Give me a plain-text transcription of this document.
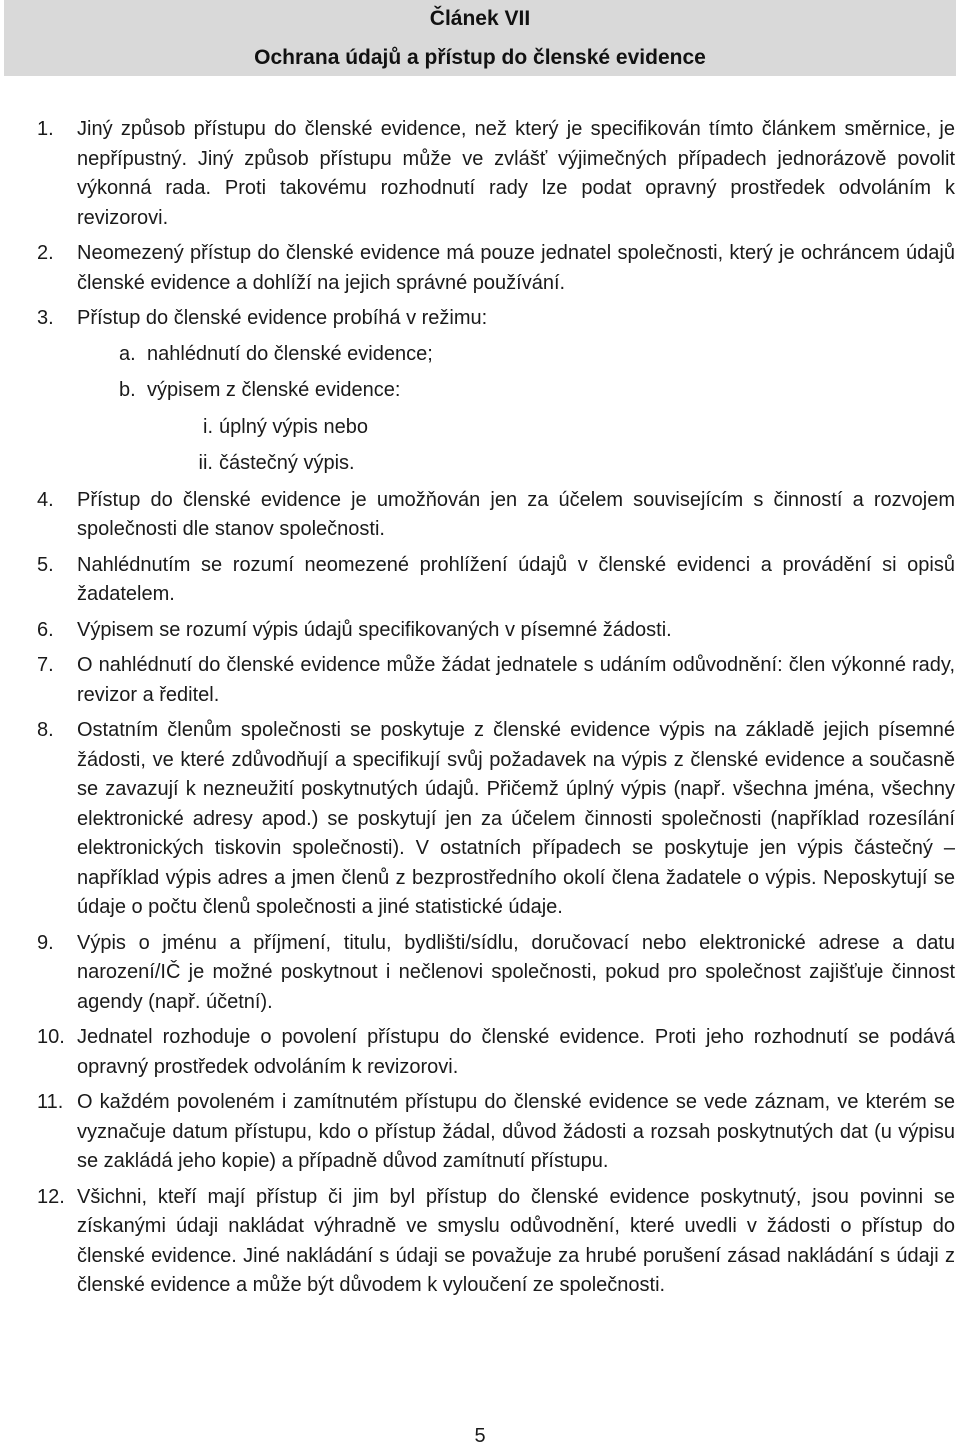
Článek VII
Ochrana údajů a přístup do členské evidence
1.	Jiný způsob přístupu do členské evidence, než který je specifikován tímto článkem směrnice, je nepřípustný. Jiný způsob přístupu může ve zvlášť výjimečných případech jednorázově povolit výkonná rada. Proti takovému rozhodnutí rady lze podat opravný prostředek odvoláním k revizorovi.
2.	Neomezený přístup do členské evidence má pouze jednatel společnosti, který je ochráncem údajů členské evidence a dohlíží na jejich správné používání.
3.	Přístup do členské evidence probíhá v režimu:
a. nahlédnutí do členské evidence;
b. výpisem z členské evidence:
i. úplný výpis nebo
ii. částečný výpis.
4.	Přístup do členské evidence je umožňován jen za účelem souvisejícím s činností a rozvojem společnosti dle stanov společnosti.
5.	Nahlédnutím se rozumí neomezené prohlížení údajů v členské evidenci a provádění si opisů žadatelem.
6.	Výpisem se rozumí výpis údajů specifikovaných v písemné žádosti.
7.	O nahlédnutí do členské evidence může žádat jednatele s udáním odůvodnění: člen výkonné rady, revizor a ředitel.
8.	Ostatním členům společnosti se poskytuje z členské evidence výpis na základě jejich písemné žádosti, ve které zdůvodňují a specifikují svůj požadavek na výpis z členské evidence a současně se zavazují k nezneužití poskytnutých údajů. Přičemž úplný výpis (např. všechna jména, všechny elektronické adresy apod.) se poskytují jen za účelem činnosti společnosti (například rozesílání elektronických tiskovin společnosti). V ostatních případech se poskytuje jen výpis částečný – například výpis adres a jmen členů z bezprostředního okolí člena žadatele o výpis. Neposkytují se údaje o počtu členů společnosti a jiné statistické údaje.
9.	Výpis o jménu a příjmení, titulu, bydlišti/sídlu, doručovací nebo elektronické adrese a datu narození/IČ je možné poskytnout i nečlenovi společnosti, pokud pro společnost zajišťuje činnost agendy (např. účetní).
10. Jednatel rozhoduje o povolení přístupu do členské evidence. Proti jeho rozhodnutí se podává opravný prostředek odvoláním k revizorovi.
11. O každém povoleném i zamítnutém přístupu do členské evidence se vede záznam, ve kterém se vyznačuje datum přístupu, kdo o přístup žádal, důvod žádosti a rozsah poskytnutých dat (u výpisu se zakládá jeho kopie) a případně důvod zamítnutí přístupu.
12. Všichni, kteří mají přístup či jim byl přístup do členské evidence poskytnutý, jsou povinni se získanými údaji nakládat výhradně ve smyslu odůvodnění, které uvedli v žádosti o přístup do členské evidence. Jiné nakládání s údaji se považuje za hrubé porušení zásad nakládání s údaji z členské evidence a může být důvodem k vyloučení ze společnosti.
5
